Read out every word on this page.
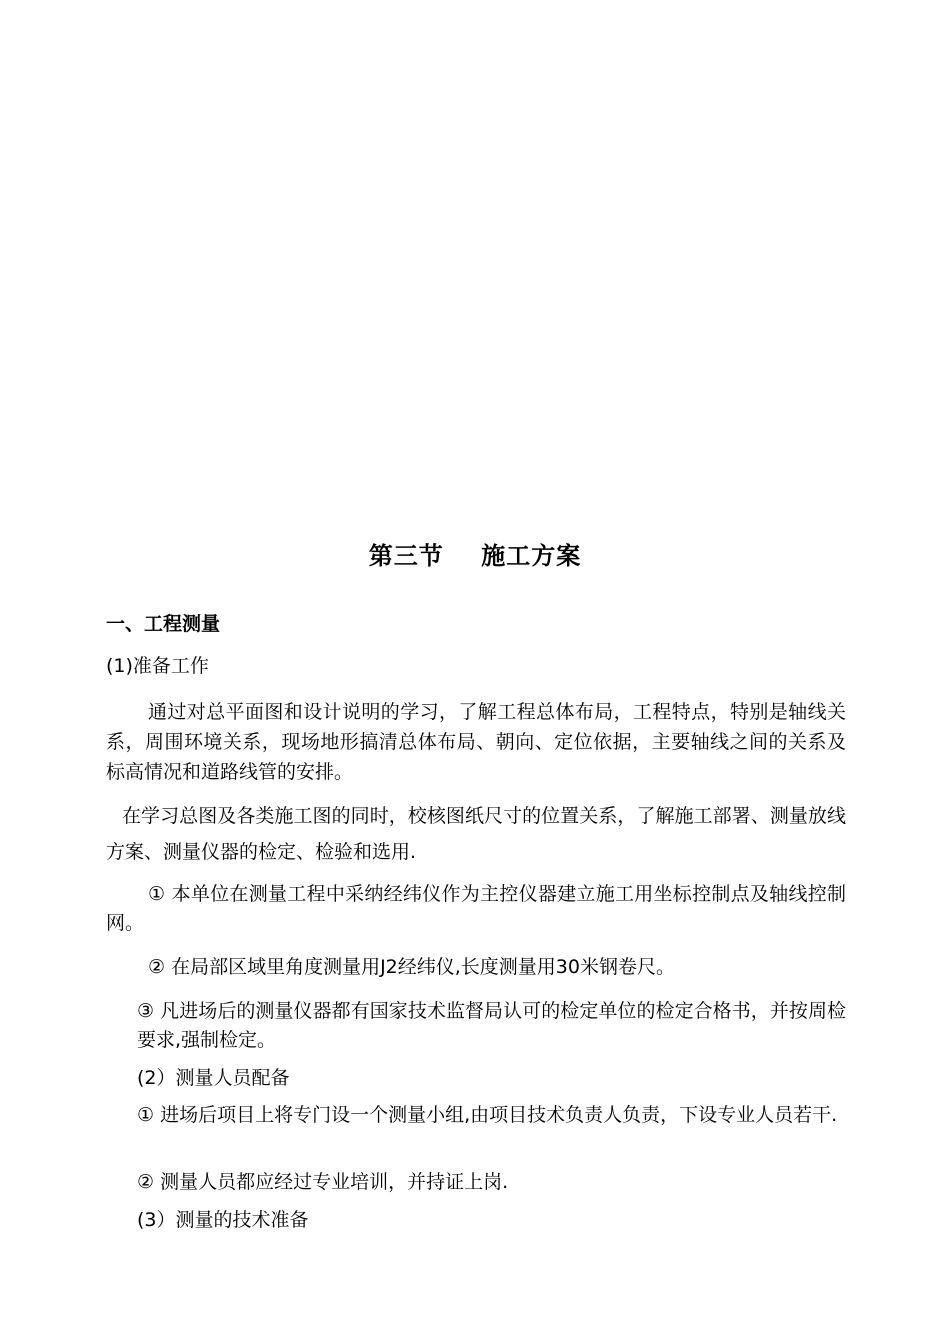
第三节    施工方案
一、工程测量
(1)准备工作
通过对总平面图和设计说明的学习，了解工程总体布局，工程特点，特别是轴线关系，周围环境关系，现场地形搞清总体布局、朝向、定位依据，主要轴线之间的关系及标高情况和道路线管的安排。
在学习总图及各类施工图的同时，校核图纸尺寸的位置关系，了解施工部署、测量放线方案、测量仪器的检定、检验和选用.
① 本单位在测量工程中采纳经纬仪作为主控仪器建立施工用坐标控制点及轴线控制网。
② 在局部区域里角度测量用J2经纬仪,长度测量用30米钢卷尺。
③ 凡进场后的测量仪器都有国家技术监督局认可的检定单位的检定合格书，并按周检要求,强制检定。
(2）测量人员配备
① 进场后项目上将专门设一个测量小组,由项目技术负责人负责，下设专业人员若干.
② 测量人员都应经过专业培训，并持证上岗.
(3）测量的技术准备
